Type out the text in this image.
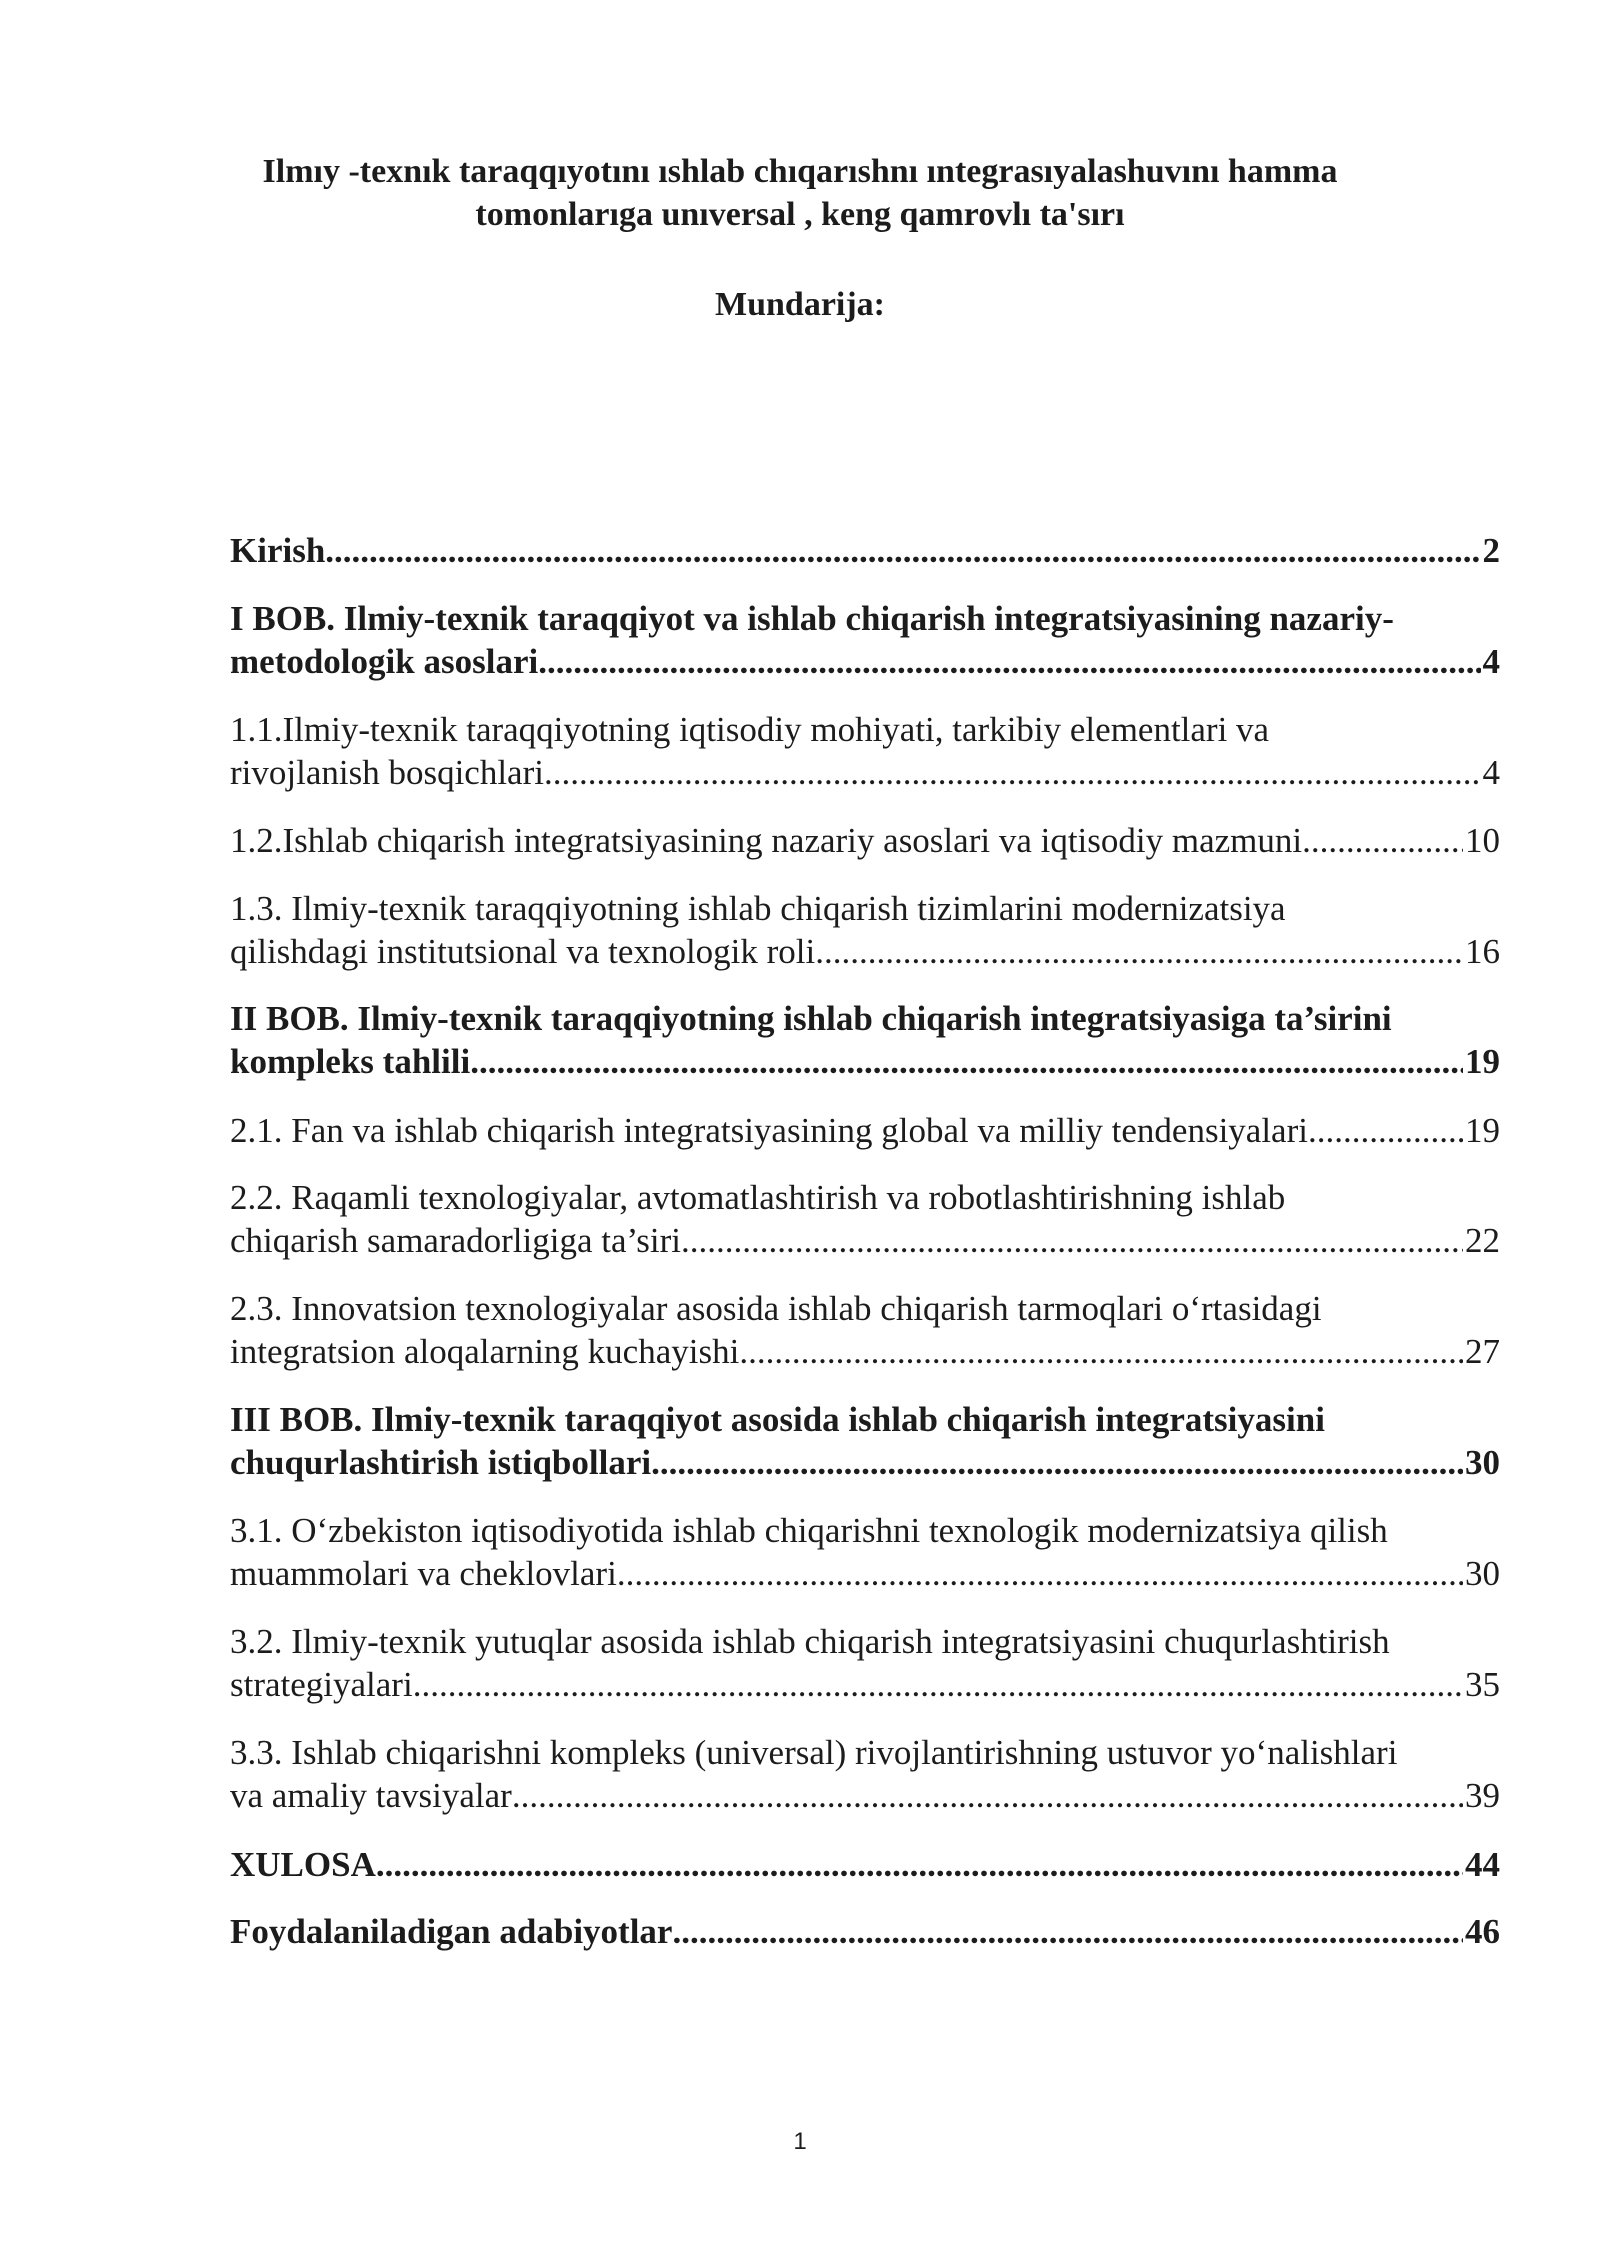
Ilmıy -texnık taraqqıyotını ıshlab chıqarıshnı ıntegrasıyalashuvını hamma
tomonlarıga unıversal , keng qamrovlı ta'sırı
Mundarija:
Kirish .....	2
I BOB. Ilmiy-texnik taraqqiyot va ishlab chiqarish integratsiyasining nazariy-
metodologik asoslari .....	4
1.1.Ilmiy-texnik taraqqiyotning iqtisodiy mohiyati, tarkibiy elementlari va
rivojlanish bosqichlari .....	4
1.2.Ishlab chiqarish integratsiyasining nazariy asoslari va iqtisodiy mazmuni .....	10
1.3. Ilmiy-texnik taraqqiyotning ishlab chiqarish tizimlarini modernizatsiya
qilishdagi institutsional va texnologik roli .....	16
II BOB. Ilmiy-texnik taraqqiyotning ishlab chiqarish integratsiyasiga ta’sirini
kompleks tahlili .....	19
2.1. Fan va ishlab chiqarish integratsiyasining global va milliy tendensiyalari .....	19
2.2. Raqamli texnologiyalar, avtomatlashtirish va robotlashtirishning ishlab
chiqarish samaradorligiga ta’siri .....	22
2.3. Innovatsion texnologiyalar asosida ishlab chiqarish tarmoqlari o‘rtasidagi
integratsion aloqalarning kuchayishi .....	27
III BOB. Ilmiy-texnik taraqqiyot asosida ishlab chiqarish integratsiyasini
chuqurlashtirish istiqbollari .....	30
3.1. O‘zbekiston iqtisodiyotida ishlab chiqarishni texnologik modernizatsiya qilish
muammolari va cheklovlari .....	30
3.2. Ilmiy-texnik yutuqlar asosida ishlab chiqarish integratsiyasini chuqurlashtirish
strategiyalari .....	35
3.3. Ishlab chiqarishni kompleks (universal) rivojlantirishning ustuvor yo‘nalishlari
va amaliy tavsiyalar .....	39
XULOSA .....	44
Foydalaniladigan adabiyotlar .....	46
1
